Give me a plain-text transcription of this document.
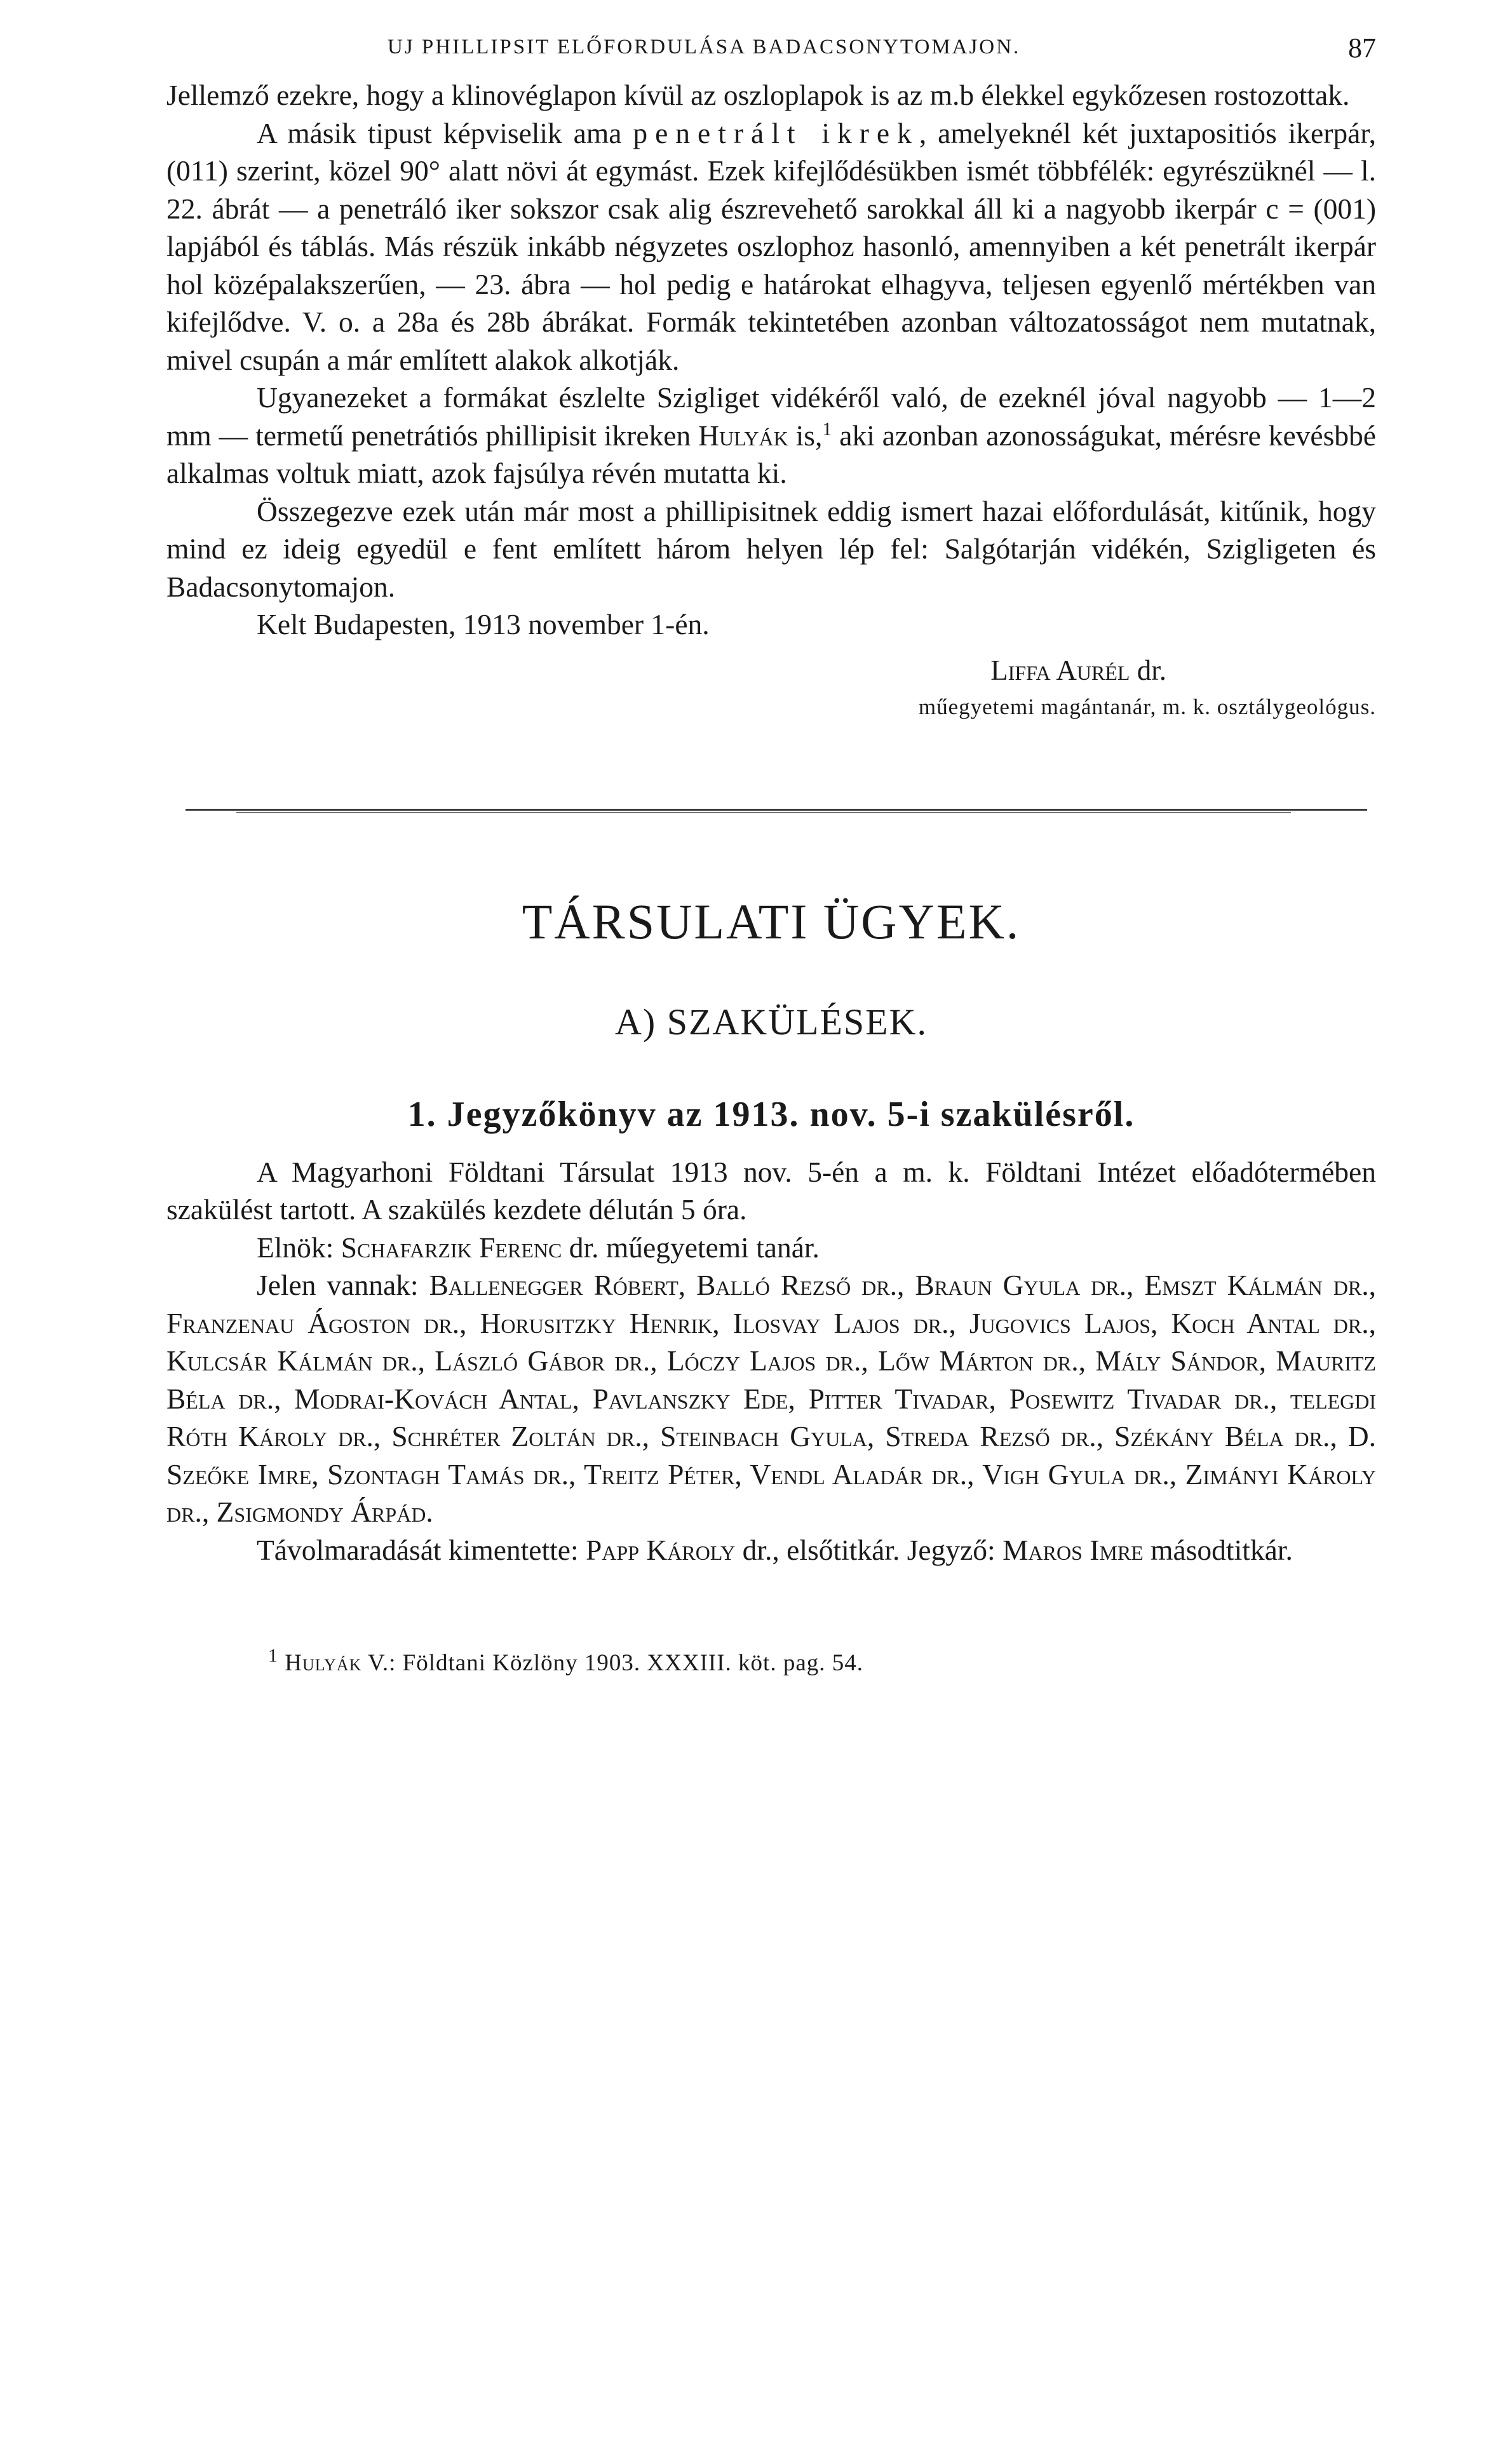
UJ PHILLIPSIT ELŐFORDULÁSA BADACSONYTOMAJON.	87

Jellemző ezekre, hogy a klinovéglapon kívül az oszloplapok is az m.b élekkel egykőzesen rostozottak.

A másik tipust képviselik ama penetrált ikrek, amelyeknél két juxtapositiós ikerpár, (011) szerint, közel 90° alatt növi át egymást. Ezek kifejlődésükben ismét többfélék: egyrészüknél — l. 22. ábrát — a penetráló iker sokszor csak alig észrevehető sarokkal áll ki a nagyobb ikerpár c = (001) lapjából és táblás. Más részük inkább négyzetes oszlophoz hasonló, amennyiben a két penetrált ikerpár hol középalakszerűen, — 23. ábra — hol pedig e határokat elhagyva, teljesen egyenlő mértékben van kifejlődve. V. o. a 28a és 28b ábrákat. Formák tekintetében azonban változatosságot nem mutatnak, mivel csupán a már említett alakok alkotják.

Ugyanezeket a formákat észlelte Szigliget vidékéről való, de ezeknél jóval nagyobb — 1—2 mm — termetű penetrátiós phillipisit ikreken Hulyák is,$^1$ aki azonban azonosságukat, mérésre kevésbbé alkalmas voltuk miatt, azok fajsúlya révén mutatta ki.

Összegezve ezek után már most a phillipisitnek eddig ismert hazai előfordulását, kitűnik, hogy mind ez ideig egyedül e fent említett három helyen lép fel: Salgótarján vidékén, Szigligeten és Badacsonytomajon.

Kelt Budapesten, 1913 november 1-én.

Liffa Aurél dr.
műegyetemi magántanár, m. k. osztálygeológus.
TÁRSULATI ÜGYEK.
A) SZAKÜLÉSEK.
1. Jegyzőkönyv az 1913. nov. 5-i szakülésről.

A Magyarhoni Földtani Társulat 1913 nov. 5-én a m. k. Földtani Intézet előadótermében szakülést tartott. A szakülés kezdete délután 5 óra.

Elnök: Schafarzik Ferenc dr. műegyetemi tanár.

Jelen vannak: Ballenegger Róbert, Balló Rezső dr., Braun Gyula dr., Emszt Kálmán dr., Franzenau Ágoston dr., Horusitzky Henrik, Ilosvay Lajos dr., Jugovics Lajos, Koch Antal dr., Kulcsár Kálmán dr., László Gábor dr., Lóczy Lajos dr., Lőw Márton dr., Mály Sándor, Mauritz Béla dr., Modrai-Kovách Antal, Pavlanszky Ede, Pitter Tivadar, Posewitz Tivadar dr., telegdi Róth Károly dr., Schréter Zoltán dr., Steinbach Gyula, Streda Rezső dr., Székány Béla dr., D. Szeőke Imre, Szontagh Tamás dr., Treitz Péter, Vendl Aladár dr., Vigh Gyula dr., Zimányi Károly dr., Zsigmondy Árpád.

Távolmaradását kimentette: Papp Károly dr., elsőtitkár. Jegyző: Maros Imre másodtitkár.

$^1$ Hulyák V.: Földtani Közlöny 1903. XXXIII. köt. pag. 54.
